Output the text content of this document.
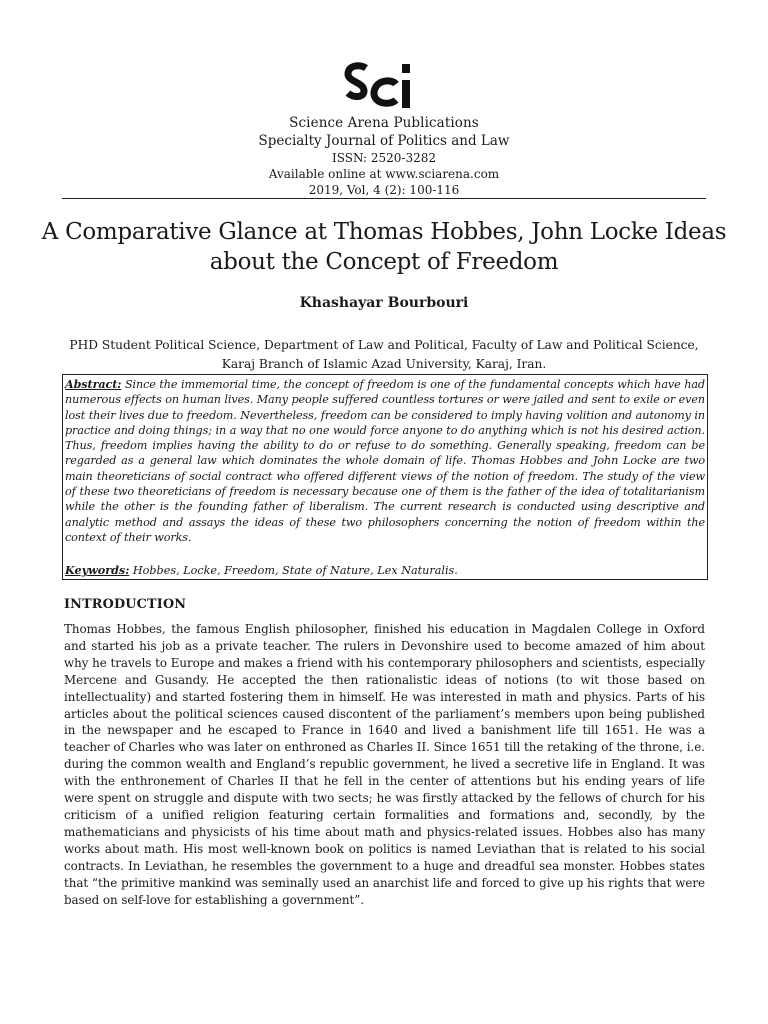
Science Arena Publications
Specialty Journal of Politics and Law
ISSN: 2520-3282
Available online at www.sciarena.com
2019, Vol, 4 (2): 100-116
A Comparative Glance at Thomas Hobbes, John Locke Ideas about the Concept of Freedom
Khashayar Bourbouri
PHD Student Political Science, Department of Law and Political, Faculty of Law and Political Science, Karaj Branch of Islamic Azad University, Karaj, Iran.
Abstract: Since the immemorial time, the concept of freedom is one of the fundamental concepts which have had numerous effects on human lives. Many people suffered countless tortures or were jailed and sent to exile or even lost their lives due to freedom. Nevertheless, freedom can be considered to imply having volition and autonomy in practice and doing things; in a way that no one would force anyone to do anything which is not his desired action. Thus, freedom implies having the ability to do or refuse to do something. Generally speaking, freedom can be regarded as a general law which dominates the whole domain of life. Thomas Hobbes and John Locke are two main theoreticians of social contract who offered different views of the notion of freedom. The study of the view of these two theoreticians of freedom is necessary because one of them is the father of the idea of totalitarianism while the other is the founding father of liberalism. The current research is conducted using descriptive and analytic method and assays the ideas of these two philosophers concerning the notion of freedom within the context of their works.
Keywords: Hobbes, Locke, Freedom, State of Nature, Lex Naturalis.
INTRODUCTION
Thomas Hobbes, the famous English philosopher, finished his education in Magdalen College in Oxford and started his job as a private teacher. The rulers in Devonshire used to become amazed of him about why he travels to Europe and makes a friend with his contemporary philosophers and scientists, especially Mercene and Gusandy. He accepted the then rationalistic ideas of notions (to wit those based on intellectuality) and started fostering them in himself. He was interested in math and physics. Parts of his articles about the political sciences caused discontent of the parliament’s members upon being published in the newspaper and he escaped to France in 1640 and lived a banishment life till 1651. He was a teacher of Charles who was later on enthroned as Charles II. Since 1651 till the retaking of the throne, i.e. during the common wealth and England’s republic government, he lived a secretive life in England. It was with the enthronement of Charles II that he fell in the center of attentions but his ending years of life were spent on struggle and dispute with two sects; he was firstly attacked by the fellows of church for his criticism of a unified religion featuring certain formalities and formations and, secondly, by the mathematicians and physicists of his time about math and physics-related issues. Hobbes also has many works about math. His most well-known book on politics is named Leviathan that is related to his social contracts. In Leviathan, he resembles the government to a huge and dreadful sea monster. Hobbes states that “the primitive mankind was seminally used an anarchist life and forced to give up his rights that were based on self-love for establishing a government”.
